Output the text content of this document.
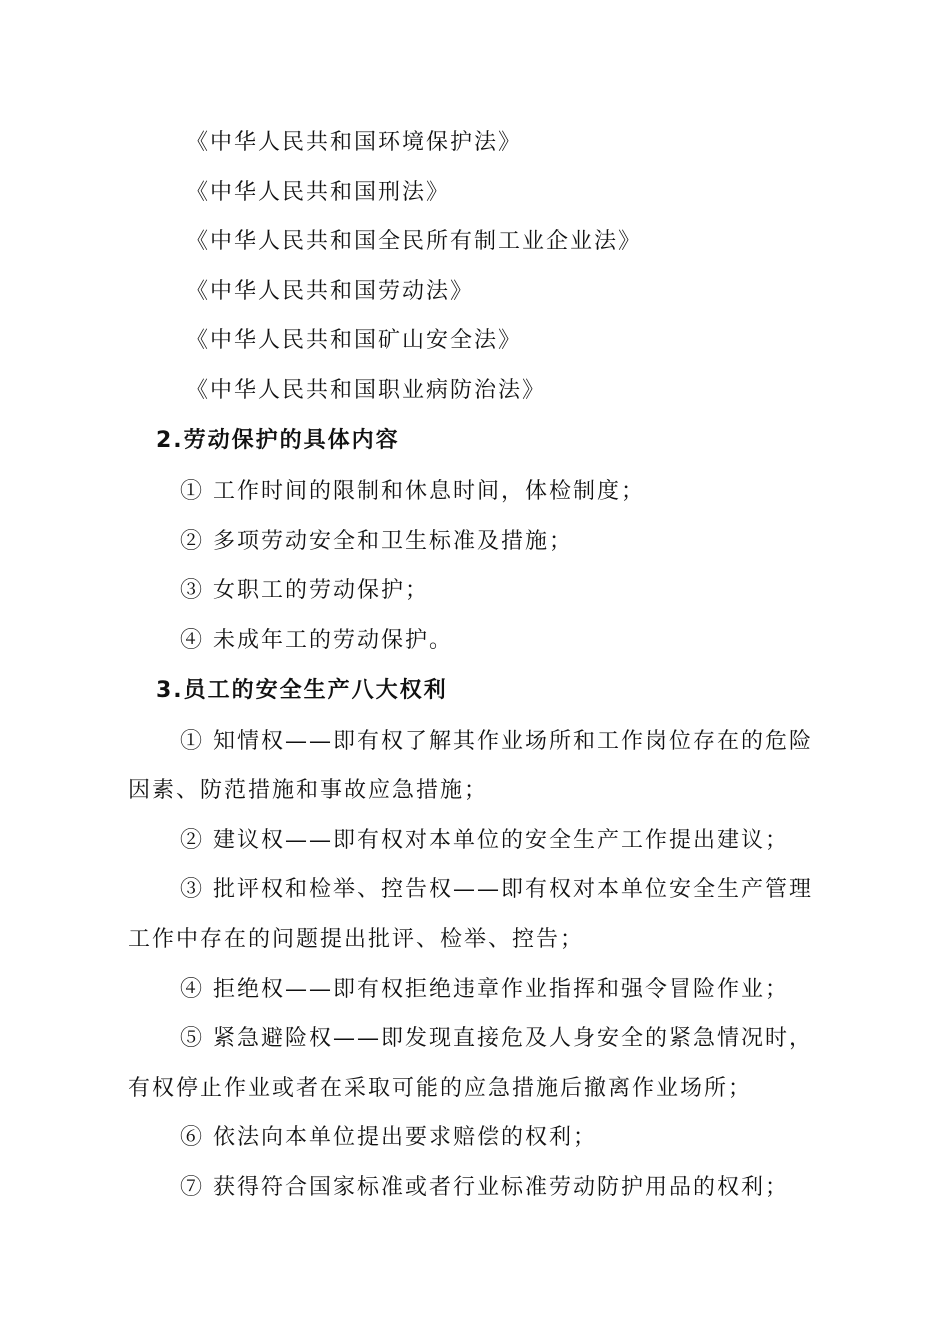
《中华人民共和国环境保护法》
《中华人民共和国刑法》
《中华人民共和国全民所有制工业企业法》
《中华人民共和国劳动法》
《中华人民共和国矿山安全法》
《中华人民共和国职业病防治法》
2.劳动保护的具体内容
① 工作时间的限制和休息时间，体检制度；
② 多项劳动安全和卫生标准及措施；
③ 女职工的劳动保护；
④ 未成年工的劳动保护。
3.员工的安全生产八大权利
① 知情权——即有权了解其作业场所和工作岗位存在的危险
因素、防范措施和事故应急措施；
② 建议权——即有权对本单位的安全生产工作提出建议；
③ 批评权和检举、控告权——即有权对本单位安全生产管理
工作中存在的问题提出批评、检举、控告；
④ 拒绝权——即有权拒绝违章作业指挥和强令冒险作业；
⑤ 紧急避险权——即发现直接危及人身安全的紧急情况时，
有权停止作业或者在采取可能的应急措施后撤离作业场所；
⑥ 依法向本单位提出要求赔偿的权利；
⑦ 获得符合国家标准或者行业标准劳动防护用品的权利；
